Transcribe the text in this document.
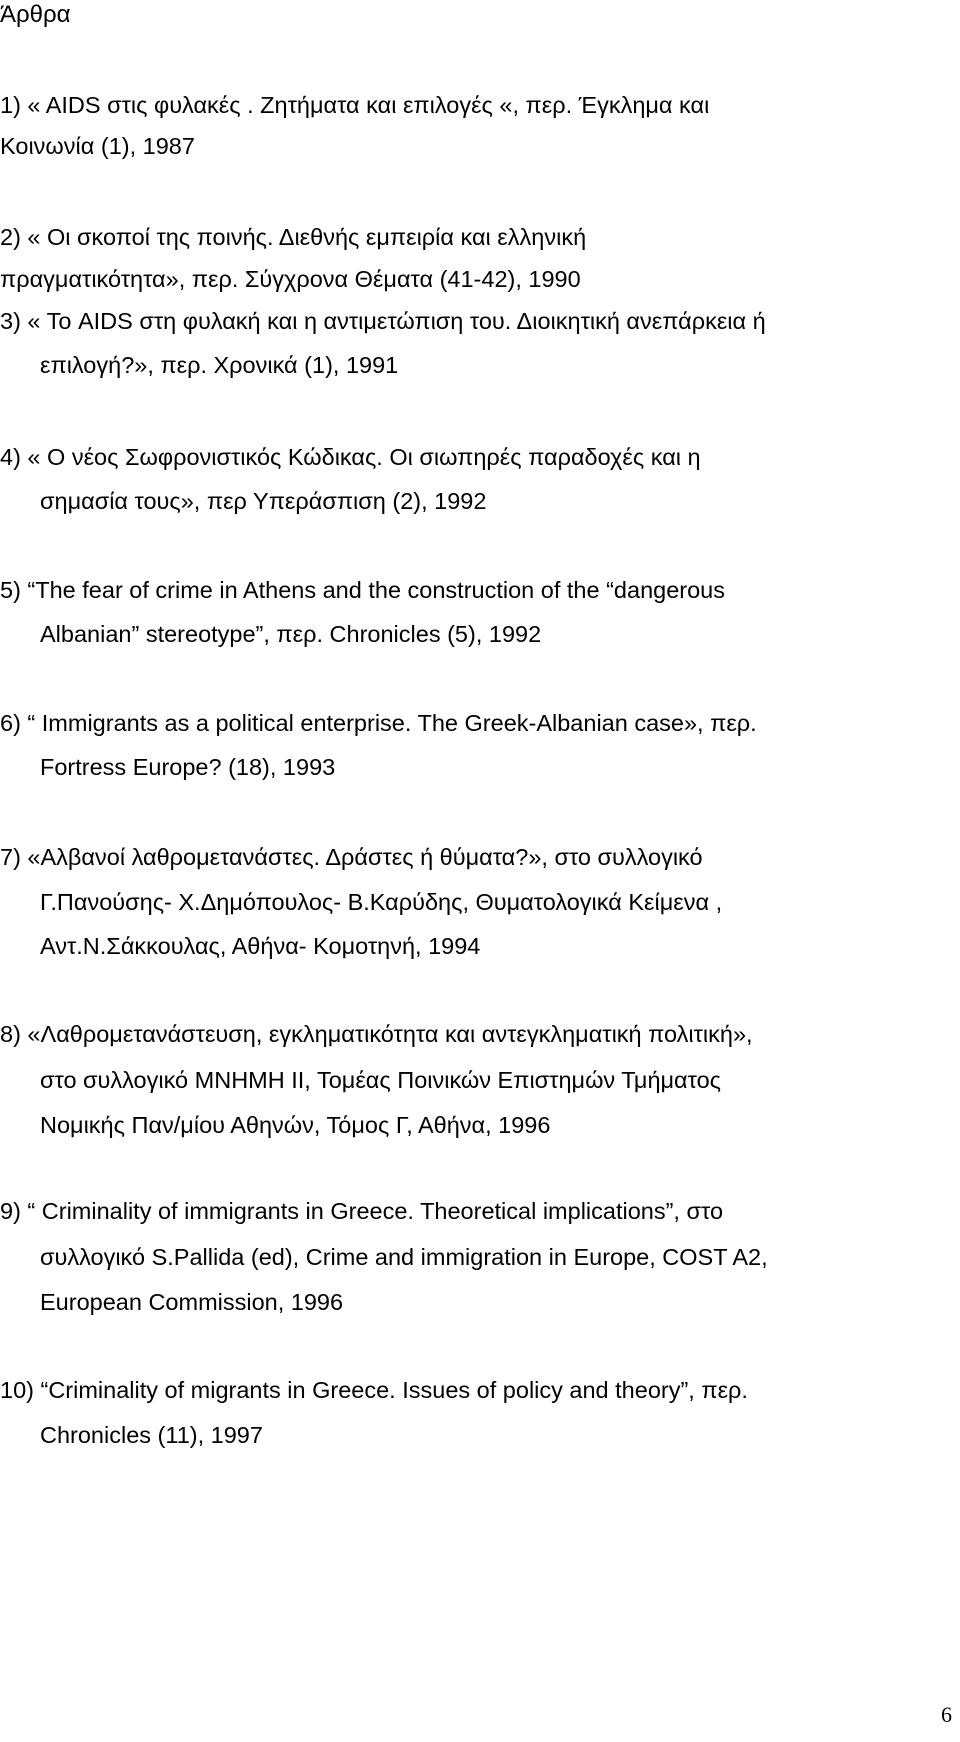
Άρθρα
1) « AIDS στις φυλακές . Ζητήματα και επιλογές «, περ. Έγκλημα και
Κοινωνία (1), 1987
2) « Οι σκοποί της ποινής. Διεθνής εμπειρία και ελληνική
πραγματικότητα», περ. Σύγχρονα Θέματα (41-42), 1990
3) « Το AIDS στη φυλακή και η αντιμετώπιση του. Διοικητική ανεπάρκεια ή
επιλογή?», περ. Χρονικά (1), 1991
4) « Ο νέος Σωφρονιστικός Κώδικας. Οι σιωπηρές παραδοχές και η
σημασία τους», περ Υπεράσπιση (2), 1992
5) “The fear of crime in Athens and the construction of the “dangerous
Albanian” stereotype”, περ. Chronicles (5), 1992
6) “ Immigrants as a political enterprise. The Greek-Albanian case», περ.
Fortress Europe? (18), 1993
7) «Αλβανοί λαθρομετανάστες. Δράστες ή θύματα?», στο συλλογικό
Γ.Πανούσης- Χ.Δημόπουλος- Β.Καρύδης, Θυματολογικά Κείμενα ,
Αντ.Ν.Σάκκουλας, Αθήνα- Κομοτηνή, 1994
8) «Λαθρομετανάστευση, εγκληματικότητα και αντεγκληματική πολιτική»,
στο συλλογικό ΜΝΗΜΗ ΙΙ, Τομέας Ποινικών Επιστημών Τμήματος
Νομικής Παν/μίου Αθηνών, Τόμος Γ, Αθήνα, 1996
9) “ Criminality of immigrants in Greece. Theoretical implications”, στο
συλλογικό S.Pallida (ed), Crime and immigration in Europe, COST A2,
European Commission, 1996
10) “Criminality of migrants in Greece. Issues of policy and theory”, περ.
Chronicles (11), 1997
6
